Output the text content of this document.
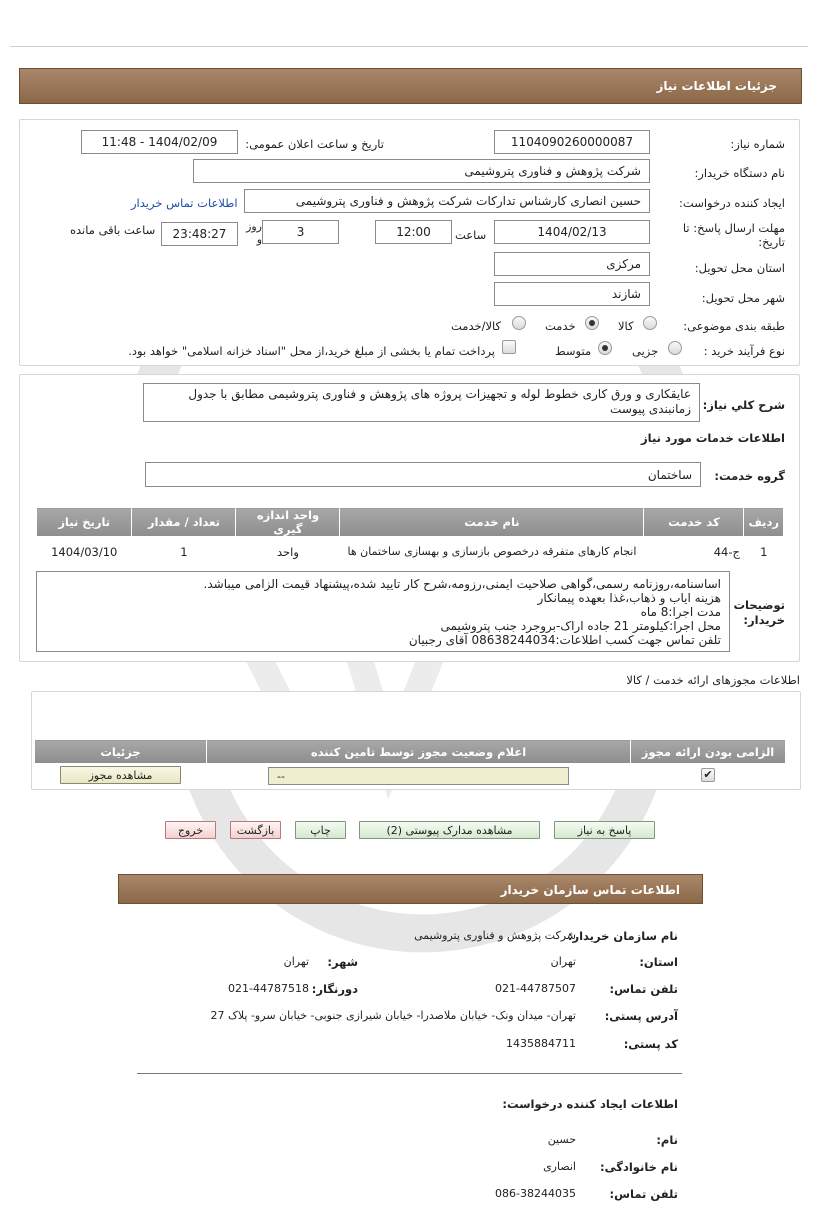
جزئیات اطلاعات نیاز
شماره نیاز:
1104090260000087
تاریخ و ساعت اعلان عمومی:
1404/02/09 - 11:48
نام دستگاه خریدار:
شرکت پژوهش و فناوری پتروشیمی
ایجاد کننده درخواست:
حسین انصاری کارشناس تدارکات شرکت پژوهش و فناوری پتروشیمی
اطلاعات تماس خریدار
مهلت ارسال پاسخ: تا تاریخ:
1404/02/13
ساعت
12:00
3
روز و
23:48:27
ساعت باقی مانده
استان محل تحویل:
مرکزی
شهر محل تحویل:
شازند
طبقه بندی موضوعی:
کالا
خدمت
کالا/خدمت
نوع فرآیند خرید :
جزیی
متوسط
پرداخت تمام یا بخشی از مبلغ خرید،از محل "اسناد خزانه اسلامی" خواهد بود.
شرح کلي نياز:
عایقکاری و ورق کاری خطوط لوله و تجهیزات پروژه های پژوهش و فناوری پتروشیمی مطابق با جدول زمانبندی پیوست
اطلاعات خدمات مورد نياز
گروه خدمت:
ساختمان
ردیف	کد خدمت	نام خدمت	واحد اندازه گیری	تعداد / مقدار	تاریخ نیاز
1	ج-44	انجام کارهای متفرقه درخصوص بازسازی و بهسازی ساختمان ها	واحد	1	1404/03/10
توضیحات خریدار:
اساسنامه،روزنامه رسمی،گواهی صلاحیت ایمنی،رزومه،شرح کار تایید شده،پیشنهاد قیمت الزامی میباشد.
هزینه ایاب و ذهاب،غذا بعهده پیمانکار
مدت اجرا:8 ماه
محل اجرا:کیلومتر 21 جاده اراک-بروجرد جنب پتروشیمی
تلفن تماس جهت کسب اطلاعات:08638244034 آقای رجبیان
اطلاعات مجوزهای ارائه خدمت / کالا
الزامی بودن ارائه مجوز	اعلام وضعیت مجوز توسط تامین کننده	جزئیات
✔
--
مشاهده مجوز
پاسخ به نیاز
مشاهده مدارک پیوستی (2)
چاپ
بازگشت
خروج
اطلاعات تماس سازمان خریدار
نام سازمان خریدار:
شرکت پژوهش و فناوری پتروشیمی
استان:
تهران
شهر:
تهران
تلفن تماس:
021-44787507
دورنگار:
021-44787518
آدرس پستی:
تهران- میدان ونک- خیابان ملاصدرا- خیابان شیرازی جنوبی- خیابان سرو- پلاک 27
کد پستی:
1435884711
اطلاعات ایجاد کننده درخواست:
نام:
حسین
نام خانوادگی:
انصاری
تلفن تماس:
086-38244035
